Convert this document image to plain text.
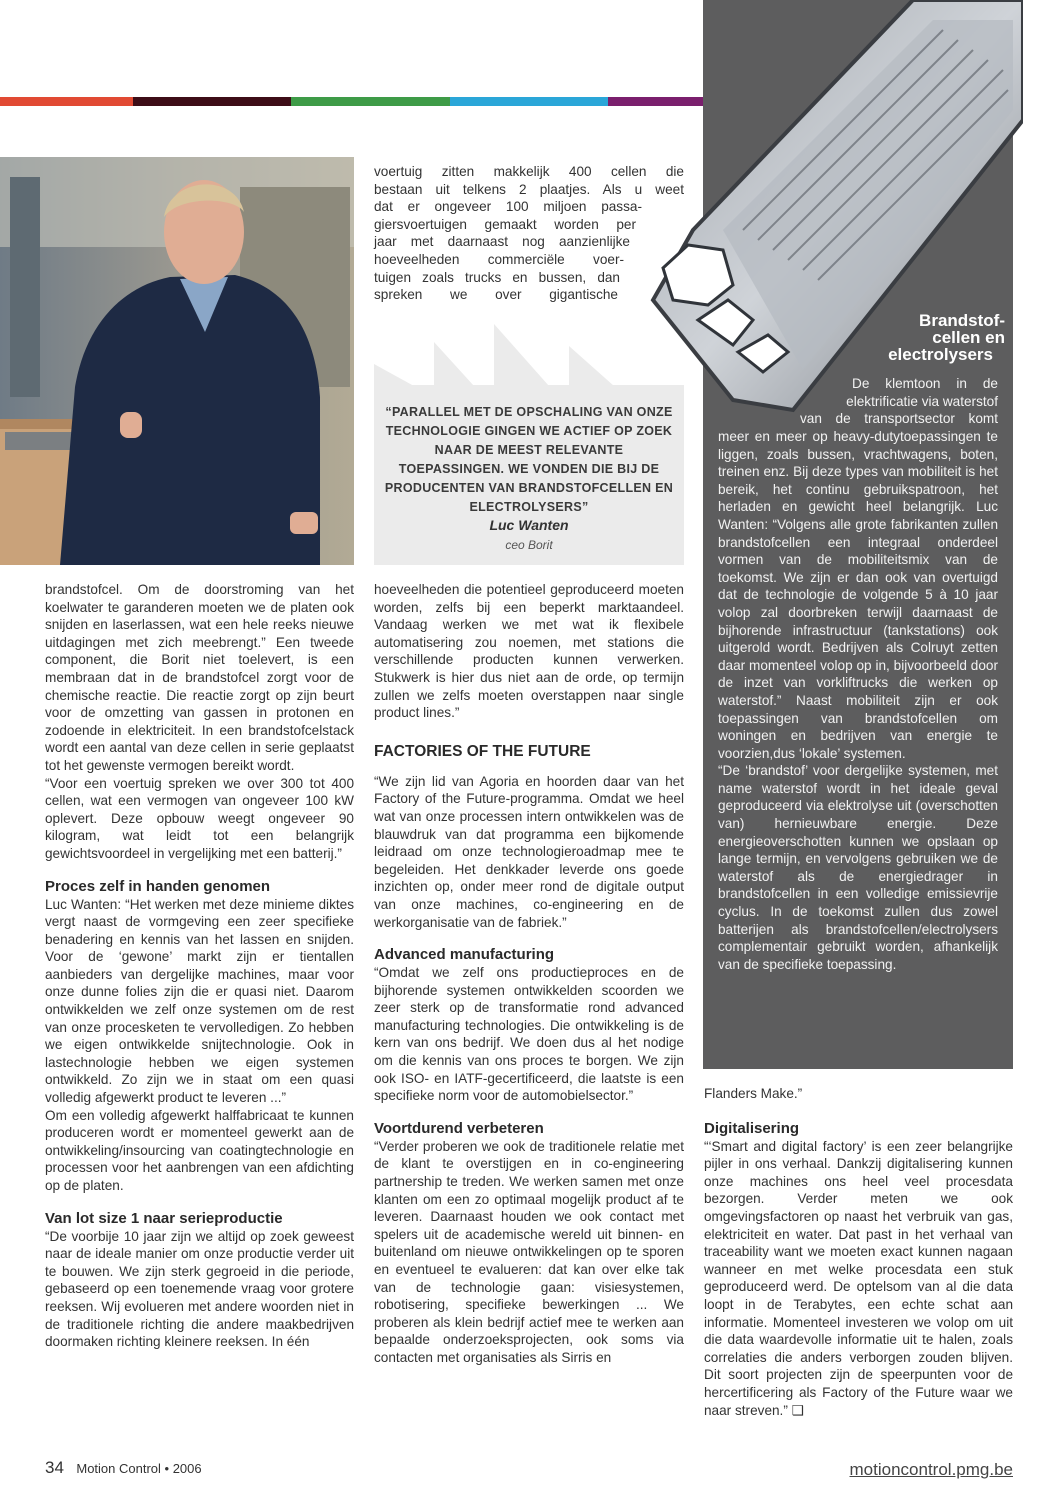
voertuig zitten makkelijk 400 cellen die

bestaan uit telkens 2 plaatjes. Als u weet

dat er ongeveer 100 miljoen passa-

giersvoertuigen gemaakt worden per

jaar met daarnaast nog aanzienlijke

hoeveelheden commerciële voer-

tuigen zoals trucks en bussen, dan

spreken we over gigantische

“PARALLEL MET DE OPSCHALING VAN ONZE TECHNOLOGIE GINGEN WE ACTIEF OP ZOEK NAAR DE MEEST RELEVANTE TOEPASSINGEN. WE VONDEN DIE BIJ DE PRODUCENTEN VAN BRANDSTOFCELLEN EN ELECTROLYSERS”

Luc Wanten
ceo Borit

brandstofcel. Om de doorstroming van het koelwater te garanderen moeten we de platen ook snijden en laserlassen, wat een hele reeks nieuwe uitdagingen met zich meebrengt.” Een tweede component, die Borit niet toelevert, is een membraan dat in de brandstofcel zorgt voor de chemische reactie. Die reactie zorgt op zijn beurt voor de omzetting van gassen in protonen en zodoende in elektriciteit. In een brandstofcelstack wordt een aantal van deze cellen in serie geplaatst tot het gewenste vermogen bereikt wordt.

“Voor een voertuig spreken we over 300 tot 400 cellen, wat een vermogen van ongeveer 100 kW oplevert. Deze opbouw weegt ongeveer 90 kilogram, wat leidt tot een belangrijk gewichtsvoordeel in vergelijking met een batterij.”

Proces zelf in handen genomen

Luc Wanten: “Het werken met deze minieme diktes vergt naast de vormgeving een zeer specifieke benadering en kennis van het lassen en snijden. Voor de ‘gewone’ markt zijn er tientallen aanbieders van dergelijke machines, maar voor onze dunne folies zijn die er quasi niet. Daarom ontwikkelden we zelf onze systemen om de rest van onze procesketen te vervolledigen. Zo hebben we eigen ontwikkelde snijtechnologie. Ook in lastechnologie hebben we eigen systemen ontwikkeld. Zo zijn we in staat om een quasi volledig afgewerkt product te leveren ...”

Om een volledig afgewerkt halffabricaat te kunnen produceren wordt er momenteel gewerkt aan de ontwikkeling/insourcing van coatingtechnologie en processen voor het aanbrengen van een afdichting op de platen.

Van lot size 1 naar serieproductie

“De voorbije 10 jaar zijn we altijd op zoek geweest naar de ideale manier om onze productie verder uit te bouwen. We zijn sterk gegroeid in die periode, gebaseerd op een toenemende vraag voor grotere reeksen. Wij evolueren met andere woorden niet in de traditionele richting die andere maakbedrijven doormaken richting kleinere reeksen. In één

hoeveelheden die potentieel geproduceerd moeten worden, zelfs bij een beperkt marktaandeel. Vandaag werken we met wat ik flexibele automatisering zou noemen, met stations die verschillende producten kunnen verwerken. Stukwerk is hier dus niet aan de orde, op termijn zullen we zelfs moeten overstappen naar single product lines.”

FACTORIES OF THE FUTURE

“We zijn lid van Agoria en hoorden daar van het Factory of the Future-programma. Omdat we heel wat van onze processen intern ontwikkelen was de blauwdruk van dat programma een bijkomende leidraad om onze technologieroadmap mee te begeleiden. Het denkkader leverde ons goede inzichten op, onder meer rond de digitale output van onze machines, co-engineering en de werkorganisatie van de fabriek.”

Advanced manufacturing

“Omdat we zelf ons productieproces en de bijhorende systemen ontwikkelden scoorden we zeer sterk op de transformatie rond advanced manufacturing technologies. Die ontwikkeling is de kern van ons bedrijf. We doen dus al het nodige om die kennis van ons proces te borgen. We zijn ook ISO- en IATF-gecertificeerd, die laatste is een specifieke norm voor de automobielsector.”

Voortdurend verbeteren

“Verder proberen we ook de traditionele relatie met de klant te overstijgen en in co-engineering partnership te treden. We werken samen met onze klanten om een zo optimaal mogelijk product af te leveren. Daarnaast houden we ook contact met spelers uit de academische wereld uit binnen- en buitenland om nieuwe ontwikkelingen op te sporen en eventueel te evalueren: dat kan over elke tak van de technologie gaan: visiesystemen, robotisering, specifieke bewerkingen ... We proberen als klein bedrijf actief mee te werken aan bepaalde onderzoeksprojecten, ook soms via contacten met organisaties als Sirris en

Brandstof-
cellen en
electrolysers

De klemtoon in de

elektrificatie via waterstof

van de transportsector komt

meer en meer op heavy-dutytoepassingen te liggen, zoals bussen, vrachtwagens, boten, treinen enz. Bij deze types van mobiliteit is het bereik, het continu gebruikspatroon, het herladen en gewicht heel belangrijk. Luc Wanten: “Volgens alle grote fabrikanten zullen brandstofcellen een integraal onderdeel vormen van de mobiliteitsmix van de toekomst. We zijn er dan ook van overtuigd dat de technologie de volgende 5 à 10 jaar volop zal doorbreken terwijl daarnaast de bijhorende infrastructuur (tankstations) ook uitgerold wordt. Bedrijven als Colruyt zetten daar momenteel volop op in, bijvoorbeeld door de inzet van vorkliftrucks die werken op waterstof.” Naast mobiliteit zijn er ook toepassingen van brandstofcellen om woningen en bedrijven van energie te voorzien,dus ‘lokale’ systemen.

“De ‘brandstof’ voor dergelijke systemen, met name waterstof wordt in het ideale geval geproduceerd via elektrolyse uit (overschotten van) hernieuwbare energie. Deze energieoverschotten kunnen we opslaan op lange termijn, en vervolgens gebruiken we de waterstof als de energiedrager in brandstofcellen in een volledige emissievrije cyclus. In de toekomst zullen dus zowel batterijen als brandstofcellen/electrolysers complementair gebruikt worden, afhankelijk van de specifieke toepassing.

Flanders Make.”

Digitalisering

“‘Smart and digital factory’ is een zeer belangrijke pijler in ons verhaal. Dankzij digitalisering kunnen onze machines ons heel veel procesdata bezorgen. Verder meten we ook omgevingsfactoren op naast het verbruik van gas, elektriciteit en water. Dat past in het verhaal van traceability want we moeten exact kunnen nagaan wanneer en met welke procesdata een stuk geproduceerd werd. De optelsom van al die data loopt in de Terabytes, een echte schat aan informatie. Momenteel investeren we volop om uit die data waardevolle informatie uit te halen, zoals correlaties die anders verborgen zouden blijven. Dit soort projecten zijn de speerpunten voor de hercertificering als Factory of the Future waar we naar streven.” ❑

34 Motion Control • 2006	motioncontrol.pmg.be
